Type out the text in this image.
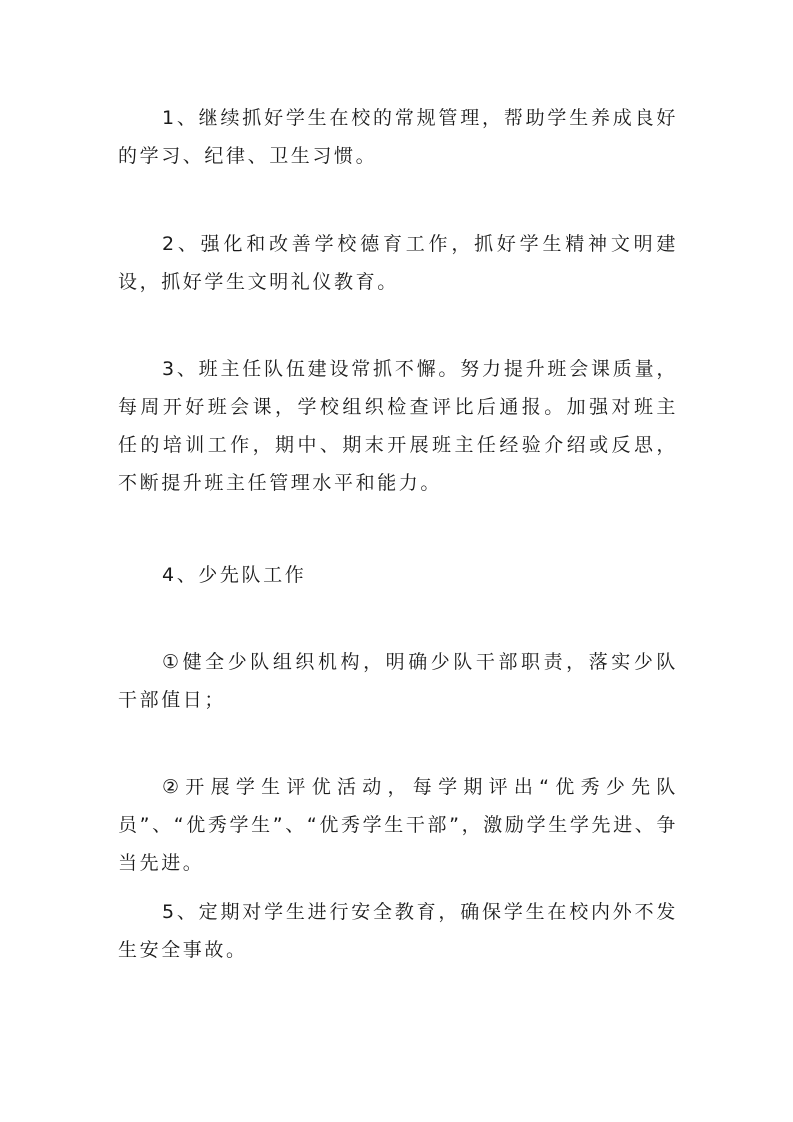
1、继续抓好学生在校的常规管理，帮助学生养成良好的学习、纪律、卫生习惯。

2、强化和改善学校德育工作，抓好学生精神文明建设，抓好学生文明礼仪教育。

3、班主任队伍建设常抓不懈。努力提升班会课质量，每周开好班会课，学校组织检查评比后通报。加强对班主任的培训工作，期中、期末开展班主任经验介绍或反思，不断提升班主任管理水平和能力。

4、少先队工作

①健全少队组织机构，明确少队干部职责，落实少队干部值日；

②开展学生评优活动，每学期评出“优秀少先队员”、“优秀学生”、“优秀学生干部”，激励学生学先进、争当先进。

5、定期对学生进行安全教育，确保学生在校内外不发生安全事故。
